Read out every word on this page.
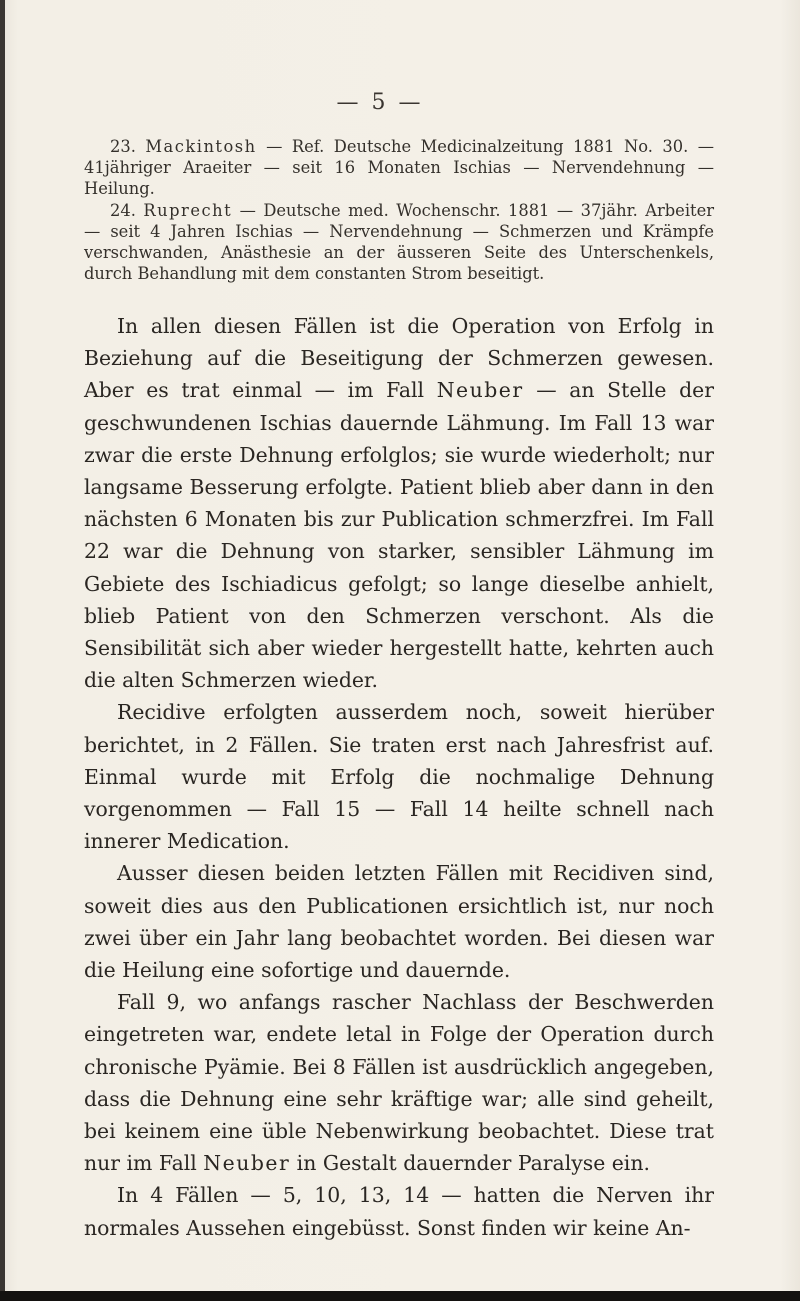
— 5 —

23. Mackintosh — Ref. Deutsche Medicinalzeitung 1881 No. 30. — 41jähriger Araeiter — seit 16 Monaten Ischias — Nervendehnung — Heilung.

24. Ruprecht — Deutsche med. Wochenschr. 1881 — 37jähr. Arbeiter — seit 4 Jahren Ischias — Nervendehnung — Schmerzen und Krämpfe verschwanden, Anästhesie an der äusseren Seite des Unterschenkels, durch Behandlung mit dem constanten Strom beseitigt.

In allen diesen Fällen ist die Operation von Erfolg in Beziehung auf die Beseitigung der Schmerzen gewesen. Aber es trat einmal — im Fall Neuber — an Stelle der geschwundenen Ischias dauernde Lähmung. Im Fall 13 war zwar die erste Dehnung erfolglos; sie wurde wiederholt; nur langsame Besserung erfolgte. Patient blieb aber dann in den nächsten 6 Monaten bis zur Publication schmerzfrei. Im Fall 22 war die Dehnung von starker, sensibler Lähmung im Gebiete des Ischiadicus gefolgt; so lange dieselbe anhielt, blieb Patient von den Schmerzen verschont. Als die Sensibilität sich aber wieder hergestellt hatte, kehrten auch die alten Schmerzen wieder.

Recidive erfolgten ausserdem noch, soweit hierüber berichtet, in 2 Fällen. Sie traten erst nach Jahresfrist auf. Einmal wurde mit Erfolg die nochmalige Dehnung vorgenommen — Fall 15 — Fall 14 heilte schnell nach innerer Medication.

Ausser diesen beiden letzten Fällen mit Recidiven sind, soweit dies aus den Publicationen ersichtlich ist, nur noch zwei über ein Jahr lang beobachtet worden. Bei diesen war die Heilung eine sofortige und dauernde.

Fall 9, wo anfangs rascher Nachlass der Beschwerden eingetreten war, endete letal in Folge der Operation durch chronische Pyämie. Bei 8 Fällen ist ausdrücklich angegeben, dass die Dehnung eine sehr kräftige war; alle sind geheilt, bei keinem eine üble Nebenwirkung beobachtet. Diese trat nur im Fall Neuber in Gestalt dauernder Paralyse ein.

In 4 Fällen — 5, 10, 13, 14 — hatten die Nerven ihr normales Aussehen eingebüsst. Sonst finden wir keine An-
